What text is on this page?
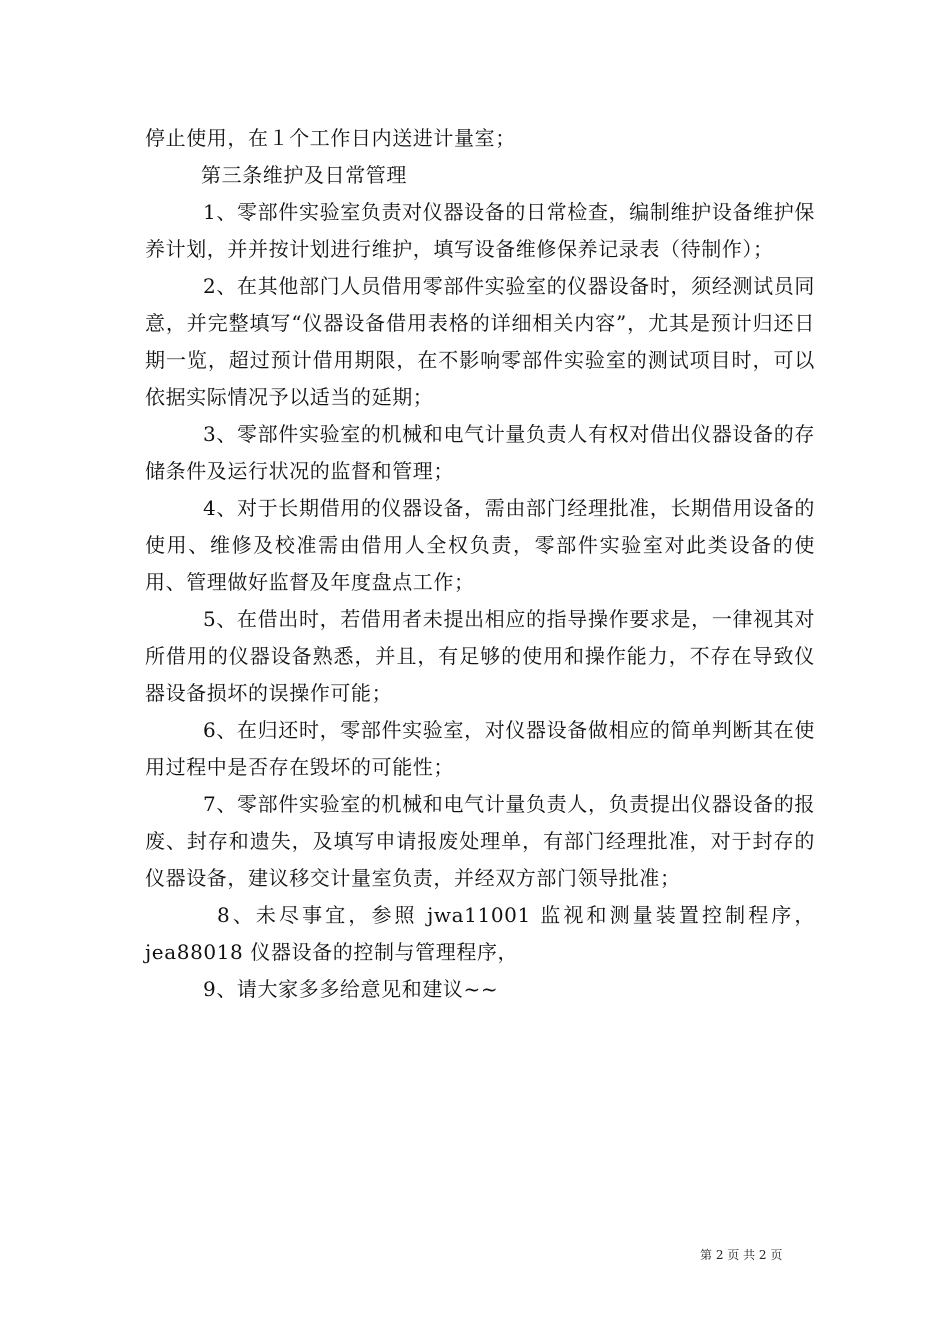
停止使用，在１个工作日内送进计量室；

第三条维护及日常管理

1、零部件实验室负责对仪器设备的日常检查，编制维护设备维护保养计划，并并按计划进行维护，填写设备维修保养记录表（待制作）；

2、在其他部门人员借用零部件实验室的仪器设备时，须经测试员同意，并完整填写“仪器设备借用表格的详细相关内容”，尤其是预计归还日期一览，超过预计借用期限，在不影响零部件实验室的测试项目时，可以依据实际情况予以适当的延期；

3、零部件实验室的机械和电气计量负责人有权对借出仪器设备的存储条件及运行状况的监督和管理；

4、对于长期借用的仪器设备，需由部门经理批准，长期借用设备的使用、维修及校准需由借用人全权负责，零部件实验室对此类设备的使用、管理做好监督及年度盘点工作；

5、在借出时，若借用者未提出相应的指导操作要求是，一律视其对所借用的仪器设备熟悉，并且，有足够的使用和操作能力，不存在导致仪器设备损坏的误操作可能；

6、在归还时，零部件实验室，对仪器设备做相应的简单判断其在使用过程中是否存在毁坏的可能性；

7、零部件实验室的机械和电气计量负责人，负责提出仪器设备的报废、封存和遗失，及填写申请报废处理单，有部门经理批准，对于封存的仪器设备，建议移交计量室负责，并经双方部门领导批准；

8、未尽事宜，参照 jwa11001 监视和测量装置控制程序，jea88018 仪器设备的控制与管理程序，

9、请大家多多给意见和建议~~

第 2 页 共 2 页
